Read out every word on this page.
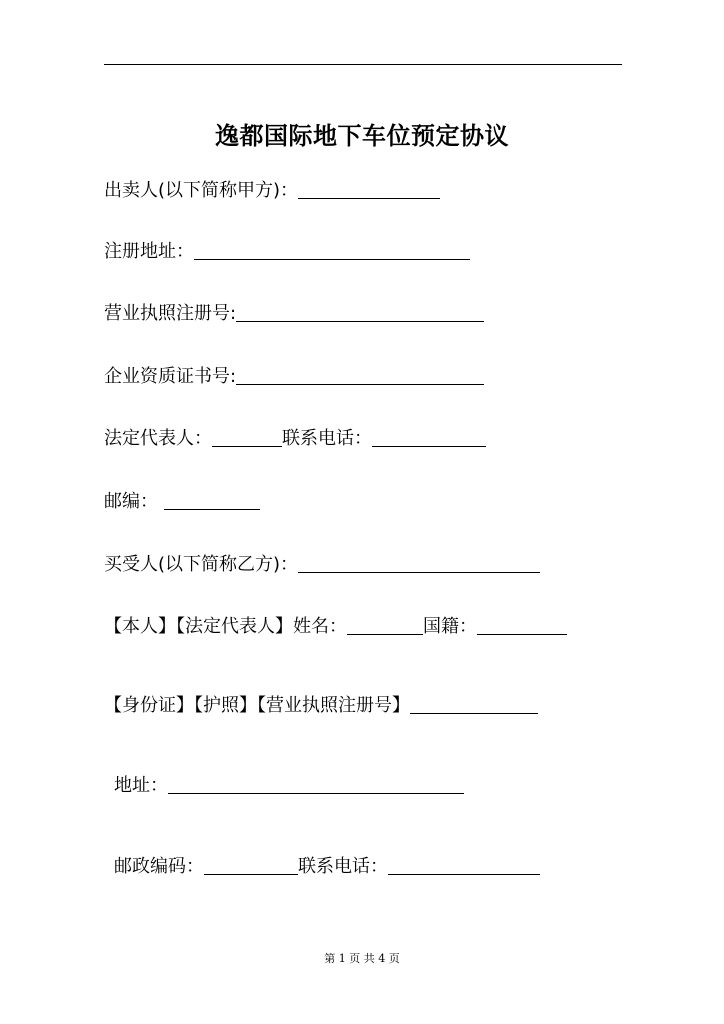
逸都国际地下车位预定协议
出卖人(以下简称甲方)：
注册地址：
营业执照注册号:
企业资质证书号:
法定代表人：	联系电话：
邮编：
买受人(以下简称乙方)：
【本人】【法定代表人】姓名：	国籍：
【身份证】【护照】【营业执照注册号】
地址：
邮政编码：	联系电话：
第 1 页 共 4 页
